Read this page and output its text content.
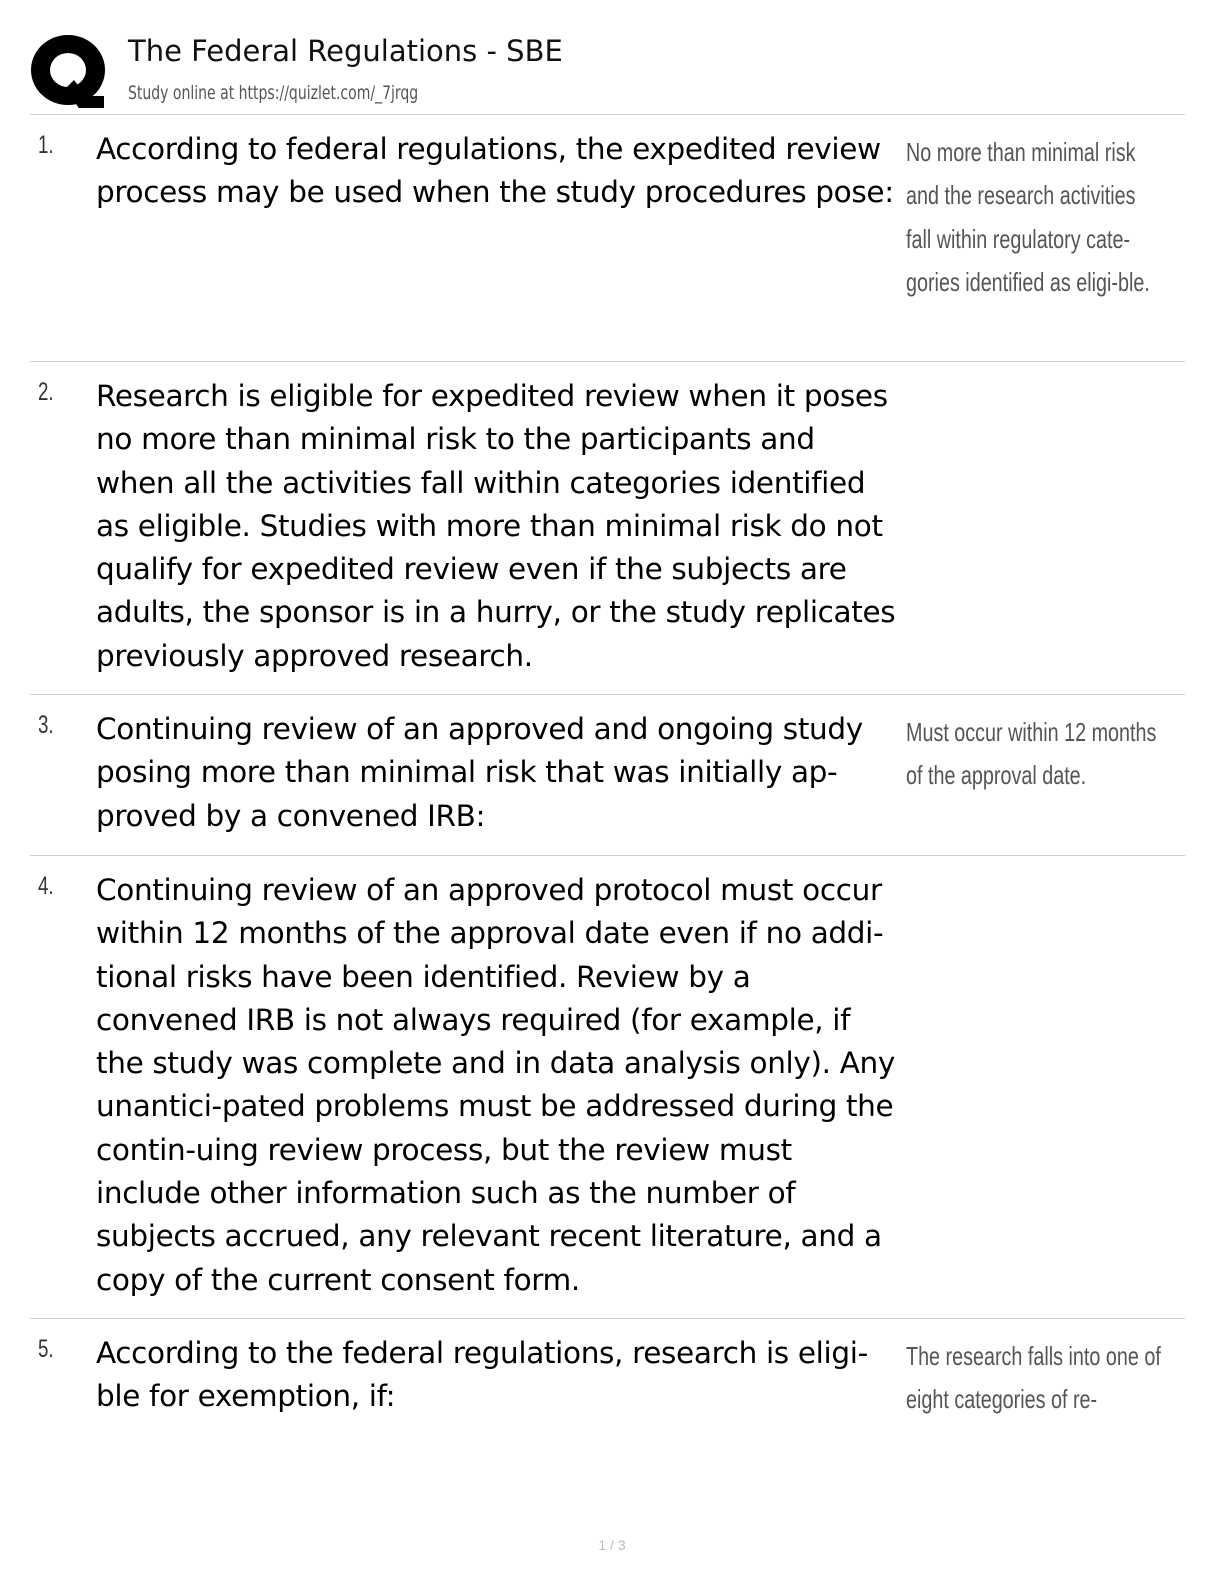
The Federal Regulations - SBE
Study online at https://quizlet.com/_7jrqg
1. According to federal regulations, the expedited review process may be used when the study procedures pose:
No more than minimal risk and the research activities fall within regulatory cate-gories identified as eligi-ble.
2. Research is eligible for expedited review when it poses no more than minimal risk to the participants and when all the activities fall within categories identified as eligible. Studies with more than minimal risk do not qualify for expedited review even if the subjects are adults, the sponsor is in a hurry, or the study replicates previously approved research.
3. Continuing review of an approved and ongoing study posing more than minimal risk that was initially ap-proved by a convened IRB:
Must occur within 12 months of the approval date.
4. Continuing review of an approved protocol must occur within 12 months of the approval date even if no addi-tional risks have been identified. Review by a convened IRB is not always required (for example, if the study was complete and in data analysis only). Any unantici-pated problems must be addressed during the contin-uing review process, but the review must include other information such as the number of subjects accrued, any relevant recent literature, and a copy of the current consent form.
5. According to the federal regulations, research is eligi-ble for exemption, if:
The research falls into one of eight categories of re-
1 / 3
